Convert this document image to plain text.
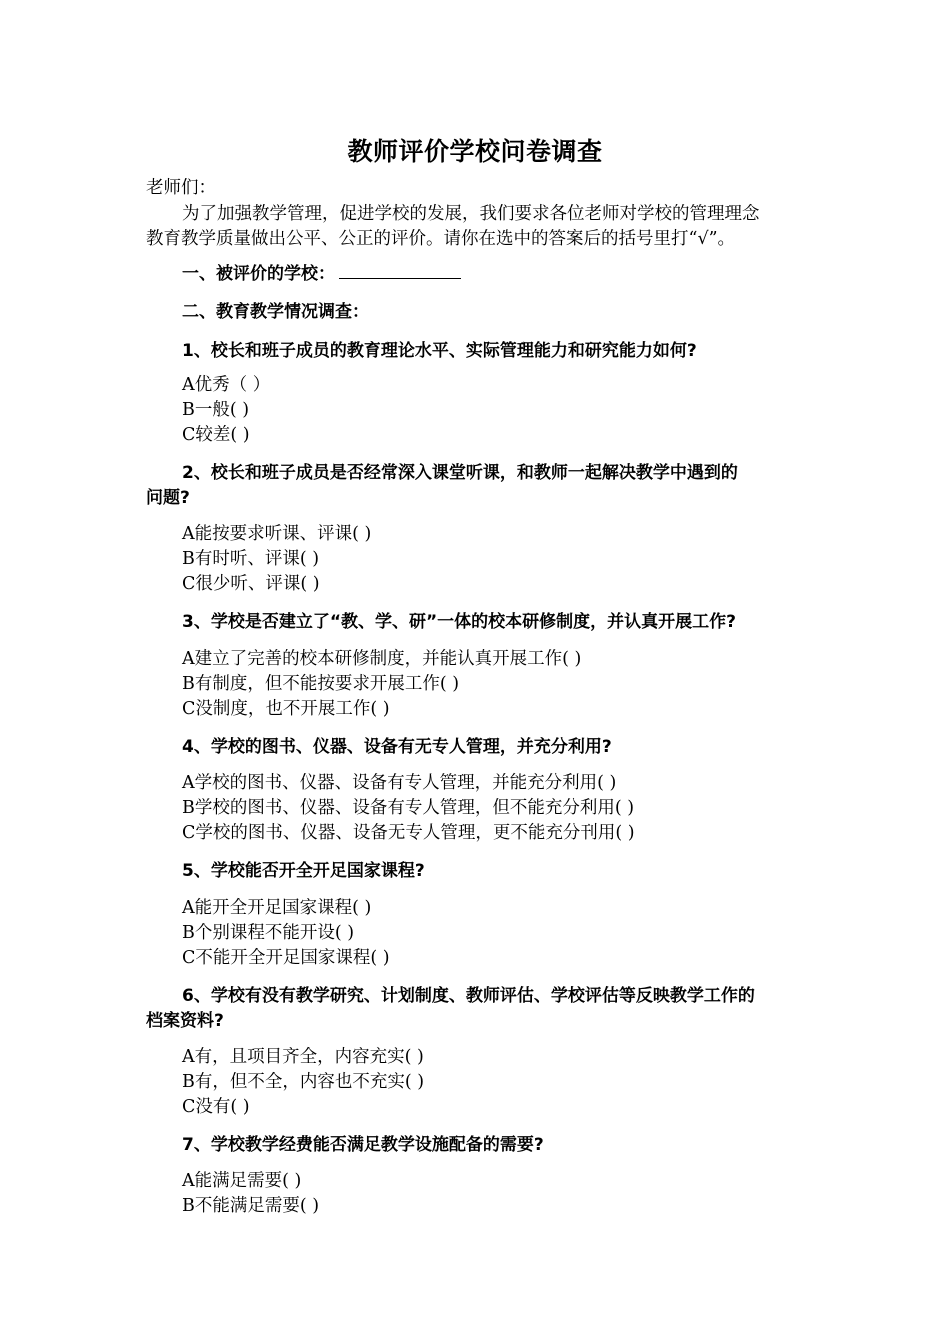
教师评价学校问卷调查
老师们：
为了加强教学管理，促进学校的发展，我们要求各位老师对学校的管理理念
教育教学质量做出公平、公正的评价。请你在选中的答案后的括号里打“√”。
一、被评价的学校：
二、教育教学情况调查：
1、校长和班子成员的教育理论水平、实际管理能力和研究能力如何?
A优秀（ ）
B一般( )
C较差( )
2、校长和班子成员是否经常深入课堂听课，和教师一起解决教学中遇到的
问题?
A能按要求听课、评课( )
B有时听、评课( )
C很少听、评课( )
3、学校是否建立了“教、学、研”一体的校本研修制度，并认真开展工作?
A建立了完善的校本研修制度，并能认真开展工作( )
B有制度，但不能按要求开展工作( )
C没制度，也不开展工作( )
4、学校的图书、仪器、设备有无专人管理，并充分利用?
A学校的图书、仪器、设备有专人管理，并能充分利用( )
B学校的图书、仪器、设备有专人管理，但不能充分利用( )
C学校的图书、仪器、设备无专人管理，更不能充分刊用( )
5、学校能否开全开足国家课程?
A能开全开足国家课程( )
B个别课程不能开设( )
C不能开全开足国家课程( )
6、学校有没有教学研究、计划制度、教师评估、学校评估等反映教学工作的
档案资料?
A有，且项目齐全，内容充实( )
B有，但不全，内容也不充实( )
C没有( )
7、学校教学经费能否满足教学设施配备的需要?
A能满足需要( )
B不能满足需要( )
